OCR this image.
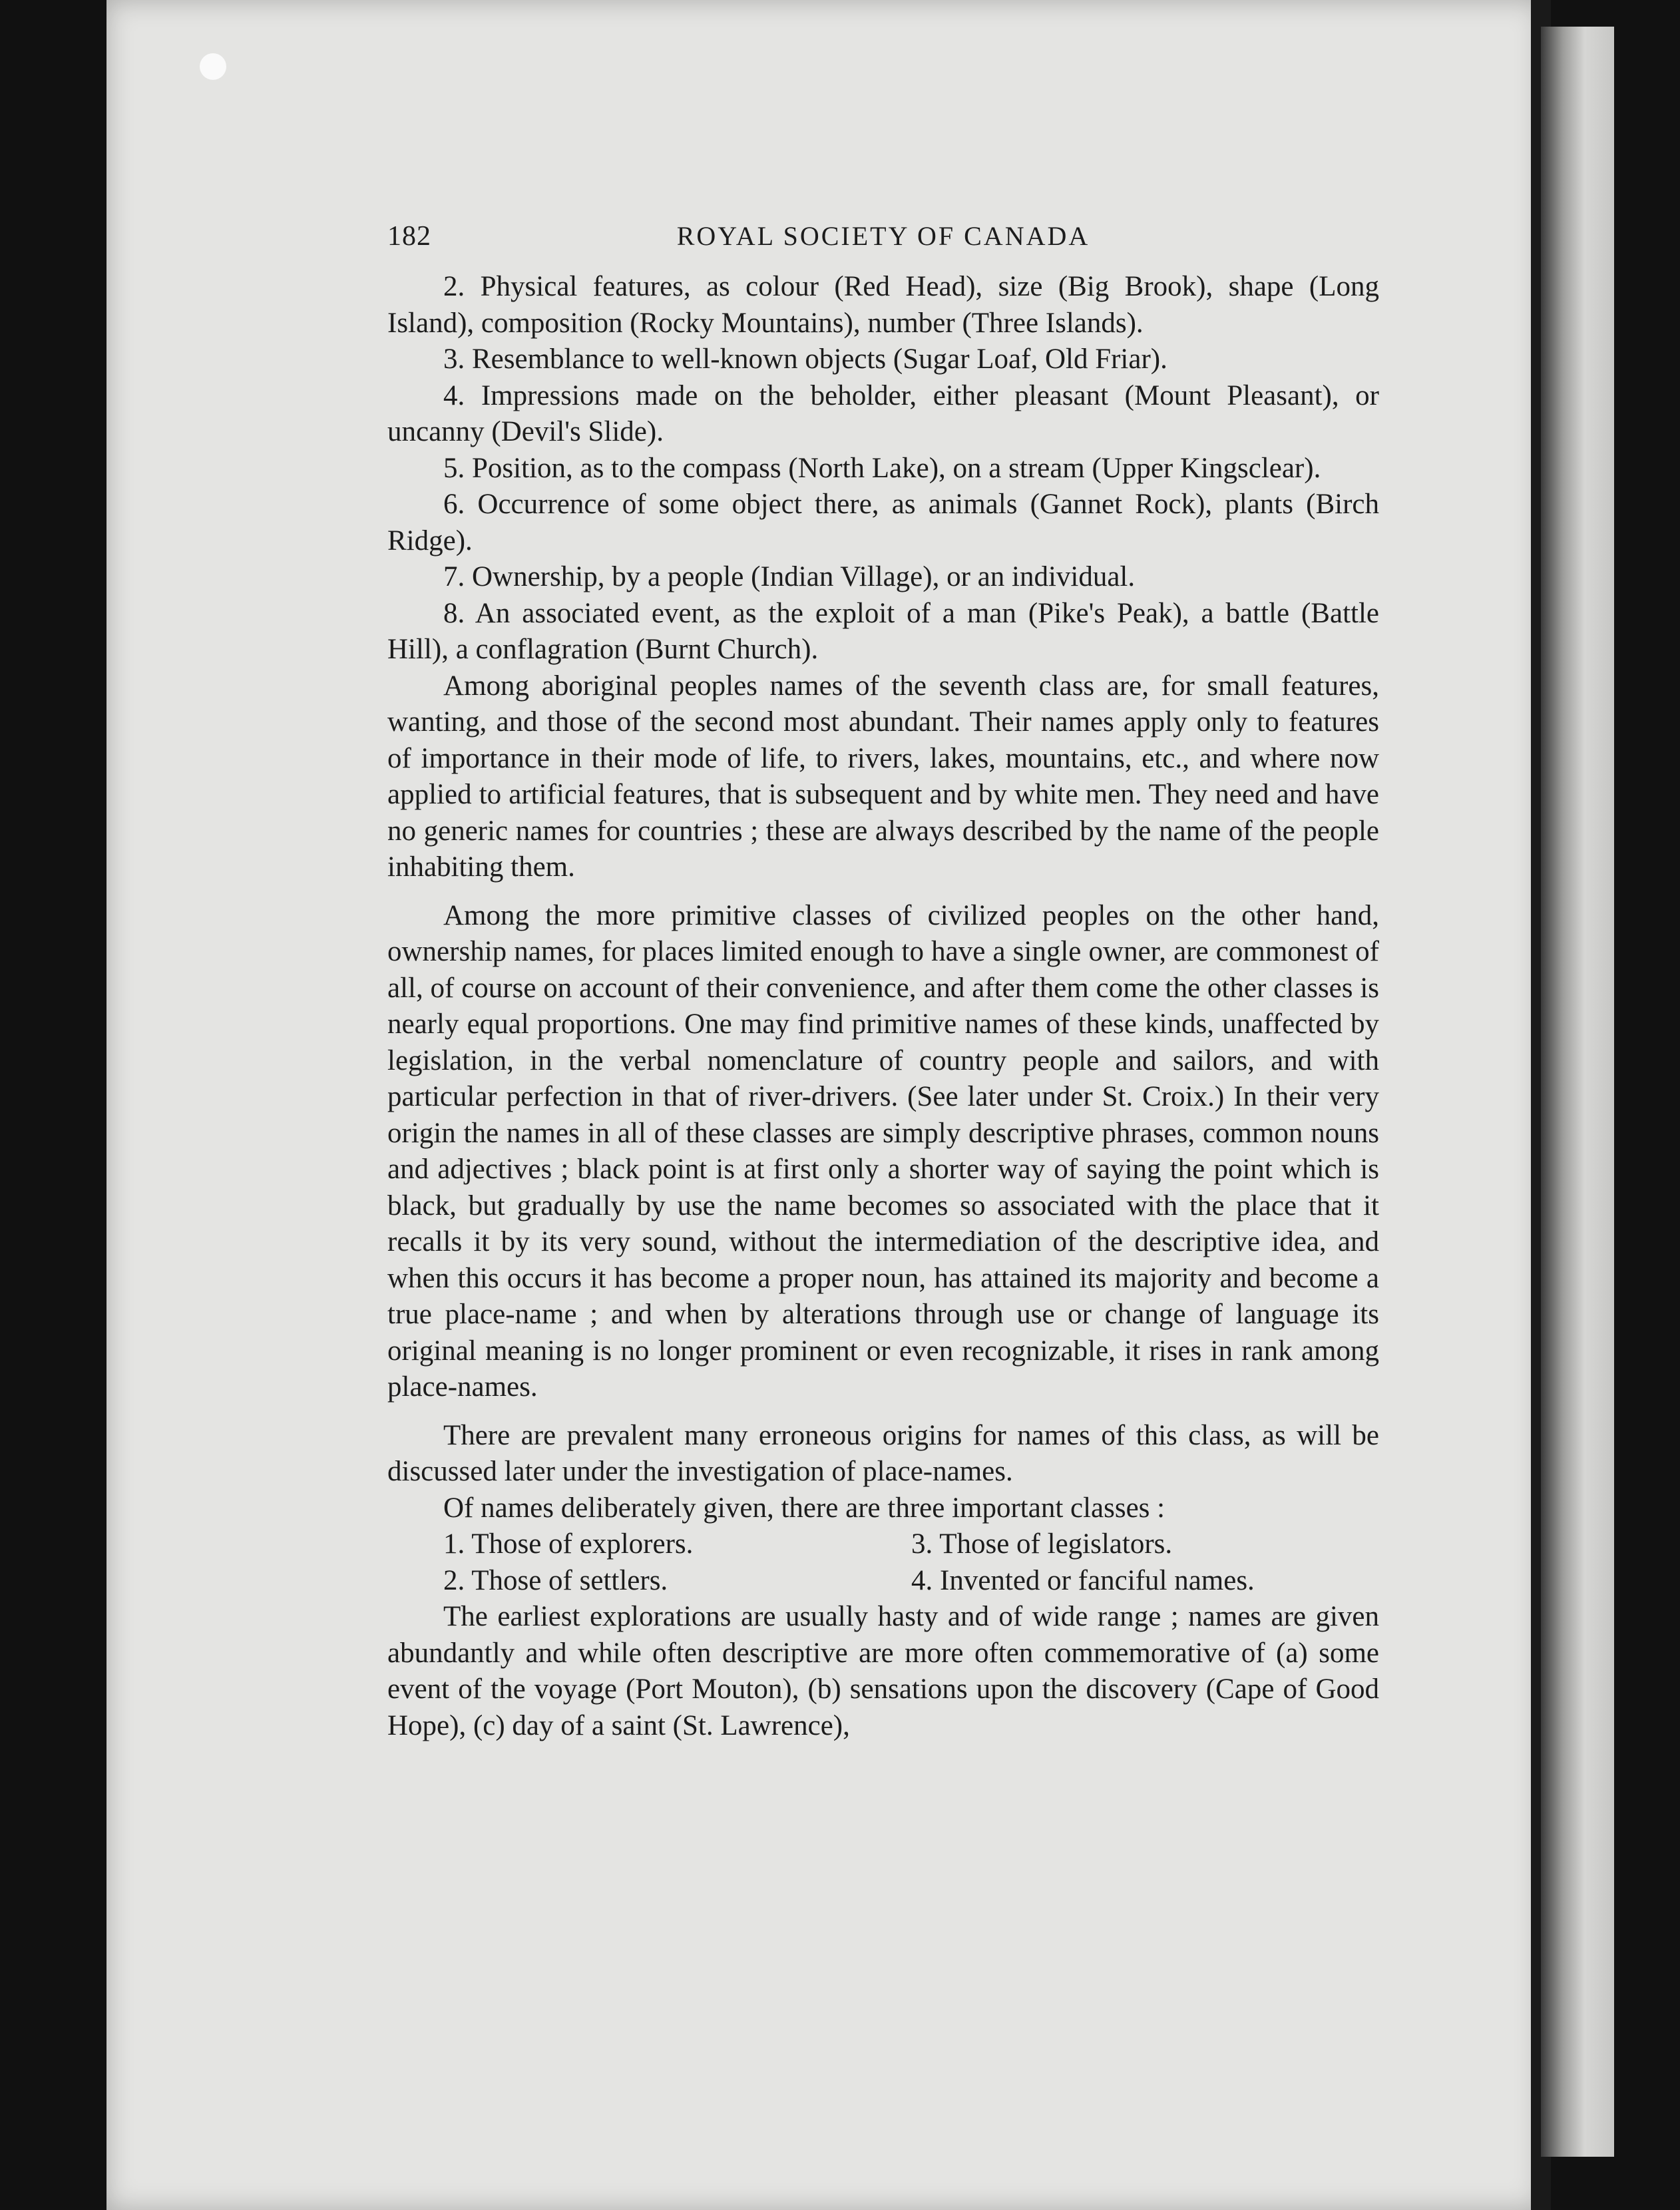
182	ROYAL SOCIETY OF CANADA

2. Physical features, as colour (Red Head), size (Big Brook), shape (Long Island), composition (Rocky Mountains), number (Three Islands).

3. Resemblance to well-known objects (Sugar Loaf, Old Friar).

4. Impressions made on the beholder, either pleasant (Mount Pleasant), or uncanny (Devil's Slide).

5. Position, as to the compass (North Lake), on a stream (Upper Kingsclear).

6. Occurrence of some object there, as animals (Gannet Rock), plants (Birch Ridge).

7. Ownership, by a people (Indian Village), or an individual.

8. An associated event, as the exploit of a man (Pike's Peak), a battle (Battle Hill), a conflagration (Burnt Church).

Among aboriginal peoples names of the seventh class are, for small features, wanting, and those of the second most abundant. Their names apply only to features of importance in their mode of life, to rivers, lakes, mountains, etc., and where now applied to artificial features, that is subsequent and by white men. They need and have no generic names for countries ; these are always described by the name of the people inhabiting them.

Among the more primitive classes of civilized peoples on the other hand, ownership names, for places limited enough to have a single owner, are commonest of all, of course on account of their convenience, and after them come the other classes is nearly equal proportions. One may find primitive names of these kinds, unaffected by legislation, in the verbal nomenclature of country people and sailors, and with particular perfection in that of river-drivers. (See later under St. Croix.) In their very origin the names in all of these classes are simply descriptive phrases, common nouns and adjectives ; black point is at first only a shorter way of saying the point which is black, but gradually by use the name becomes so associated with the place that it recalls it by its very sound, without the intermediation of the descriptive idea, and when this occurs it has become a proper noun, has attained its majority and become a true place-name ; and when by alterations through use or change of language its original meaning is no longer prominent or even recognizable, it rises in rank among place-names.

There are prevalent many erroneous origins for names of this class, as will be discussed later under the investigation of place-names.

Of names deliberately given, there are three important classes :

1. Those of explorers.
2. Those of settlers.
3. Those of legislators.
4. Invented or fanciful names.

The earliest explorations are usually hasty and of wide range ; names are given abundantly and while often descriptive are more often commemorative of (a) some event of the voyage (Port Mouton), (b) sensations upon the discovery (Cape of Good Hope), (c) day of a saint (St. Lawrence),
